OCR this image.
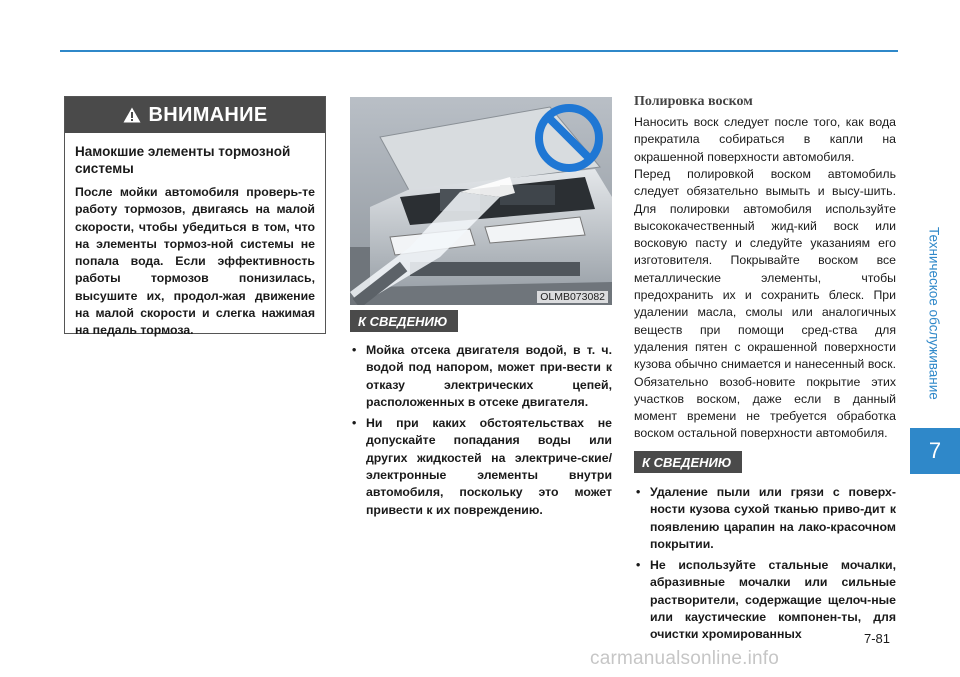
Техническое обслуживание
7
ВНИМАНИЕ

Намокшие элементы тормозной системы

После мойки автомобиля проверь-те работу тормозов, двигаясь на малой скорости, чтобы убедиться в том, что на элементы тормоз-ной системы не попала вода. Если эффективность работы тормозов понизилась, высушите их, продол-жая движение на малой скорости и слегка нажимая на педаль тормоза.

OLMB073082
К СВЕДЕНИЮ
• Мойка отсека двигателя водой, в т. ч. водой под напором, может при-вести к отказу электрических цепей, расположенных в отсеке двигателя.
• Ни при каких обстоятельствах не допускайте попадания воды или других жидкостей на электриче-ские/электронные элементы внутри автомобиля, поскольку это может привести к их повреждению.
Полировка воском

Наносить воск следует после того, как вода прекратила собираться в капли на окрашенной поверхности автомобиля.

Перед полировкой воском автомобиль следует обязательно вымыть и высу-шить. Для полировки автомобиля используйте высококачественный жид-кий воск или восковую пасту и следуйте указаниям его изготовителя. Покрывайте воском все металлические элементы, чтобы предохранить их и сохранить блеск. При удалении масла, смолы или аналогичных веществ при помощи сред-ства для удаления пятен с окрашенной поверхности кузова обычно снимается и нанесенный воск. Обязательно возоб-новите покрытие этих участков воском, даже если в данный момент времени не требуется обработка воском остальной поверхности автомобиля.

К СВЕДЕНИЮ
• Удаление пыли или грязи с поверх-ности кузова сухой тканью приво-дит к появлению царапин на лако-красочном покрытии.
• Не используйте стальные мочалки, абразивные мочалки или сильные растворители, содержащие щелоч-ные или каустические компонен-ты, для очистки хромированных	7-81
carmanualsonline.info
